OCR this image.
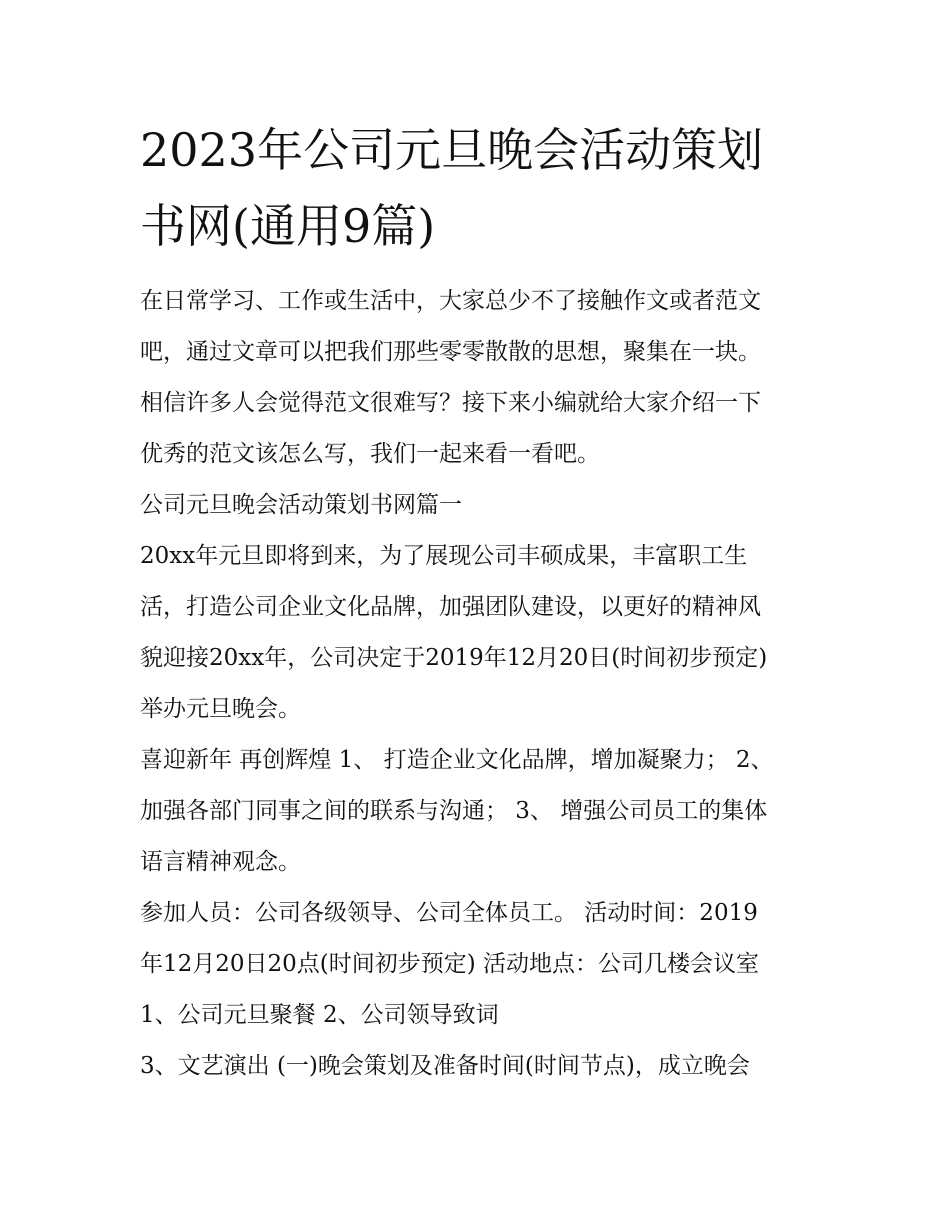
2023年公司元旦晚会活动策划
书网(通用9篇)
在日常学习、工作或生活中，大家总少不了接触作文或者范文
吧，通过文章可以把我们那些零零散散的思想，聚集在一块。
相信许多人会觉得范文很难写？接下来小编就给大家介绍一下
优秀的范文该怎么写，我们一起来看一看吧。
公司元旦晚会活动策划书网篇一
20xx年元旦即将到来，为了展现公司丰硕成果，丰富职工生
活，打造公司企业文化品牌，加强团队建设，以更好的精神风
貌迎接20xx年，公司决定于2019年12月20日(时间初步预定)
举办元旦晚会。
喜迎新年 再创辉煌 1、 打造企业文化品牌，增加凝聚力； 2、
加强各部门同事之间的联系与沟通； 3、 增强公司员工的集体
语言精神观念。
参加人员：公司各级领导、公司全体员工。 活动时间：2019
年12月20日20点(时间初步预定) 活动地点：公司几楼会议室
1、公司元旦聚餐 2、公司领导致词
3、文艺演出 (一)晚会策划及准备时间(时间节点)，成立晚会
